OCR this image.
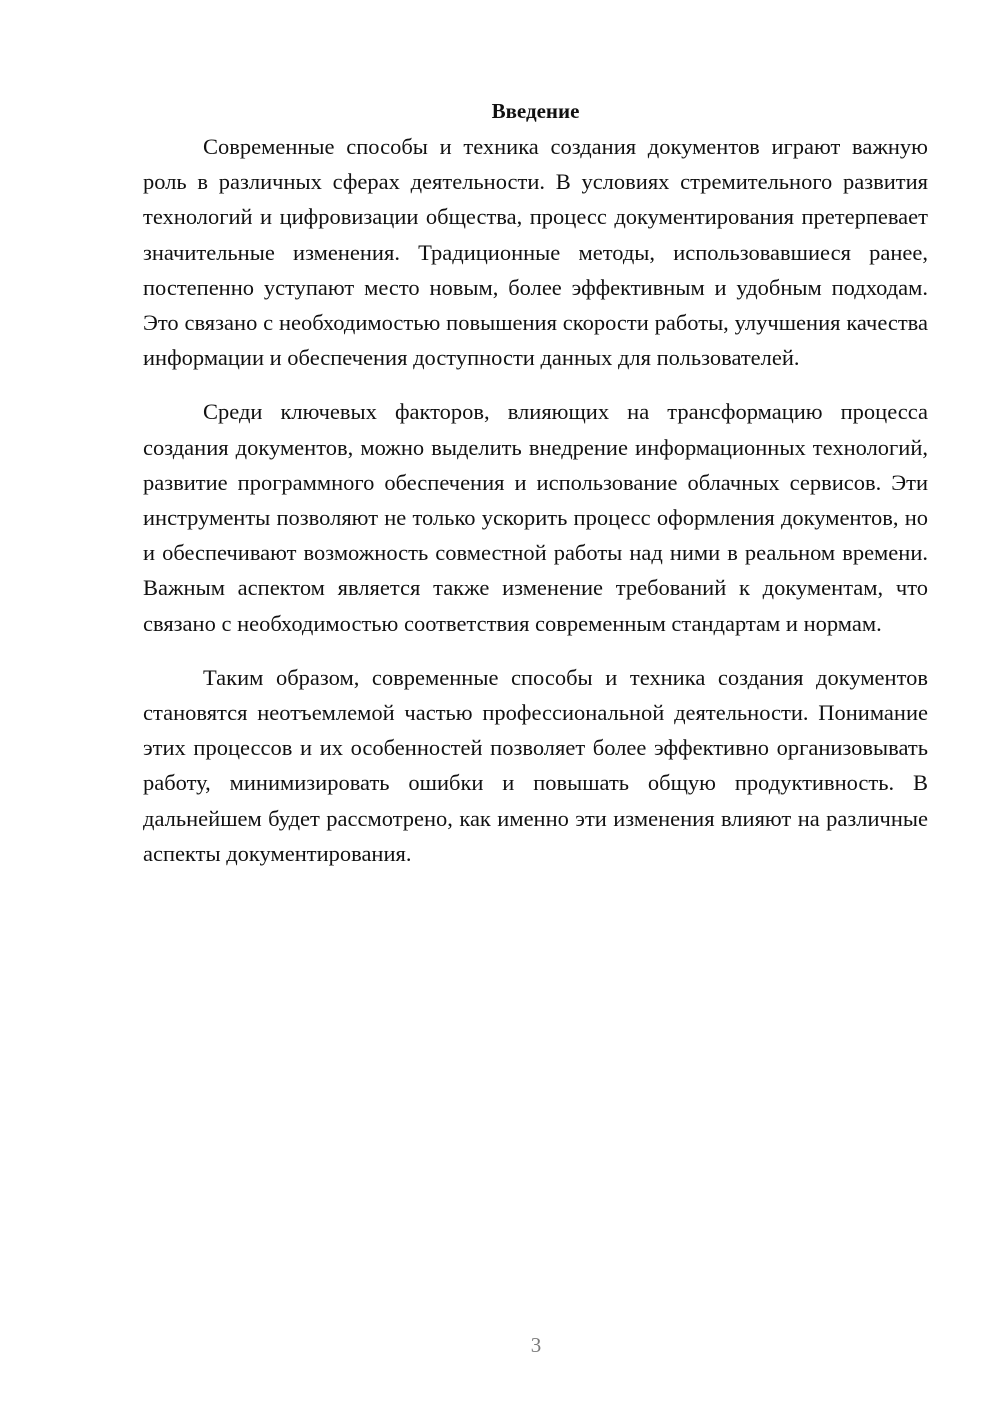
Введение

Современные способы и техника создания документов играют важную роль в различных сферах деятельности. В условиях стремительного развития технологий и цифровизации общества, процесс документирования претерпевает значительные изменения. Традиционные методы, использовавшиеся ранее, постепенно уступают место новым, более эффективным и удобным подходам. Это связано с необходимостью повышения скорости работы, улучшения качества информации и обеспечения доступности данных для пользователей.

Среди ключевых факторов, влияющих на трансформацию процесса создания документов, можно выделить внедрение информационных технологий, развитие программного обеспечения и использование облачных сервисов. Эти инструменты позволяют не только ускорить процесс оформления документов, но и обеспечивают возможность совместной работы над ними в реальном времени. Важным аспектом является также изменение требований к документам, что связано с необходимостью соответствия современным стандартам и нормам.

Таким образом, современные способы и техника создания документов становятся неотъемлемой частью профессиональной деятельности. Понимание этих процессов и их особенностей позволяет более эффективно организовывать работу, минимизировать ошибки и повышать общую продуктивность. В дальнейшем будет рассмотрено, как именно эти изменения влияют на различные аспекты документирования.

3
